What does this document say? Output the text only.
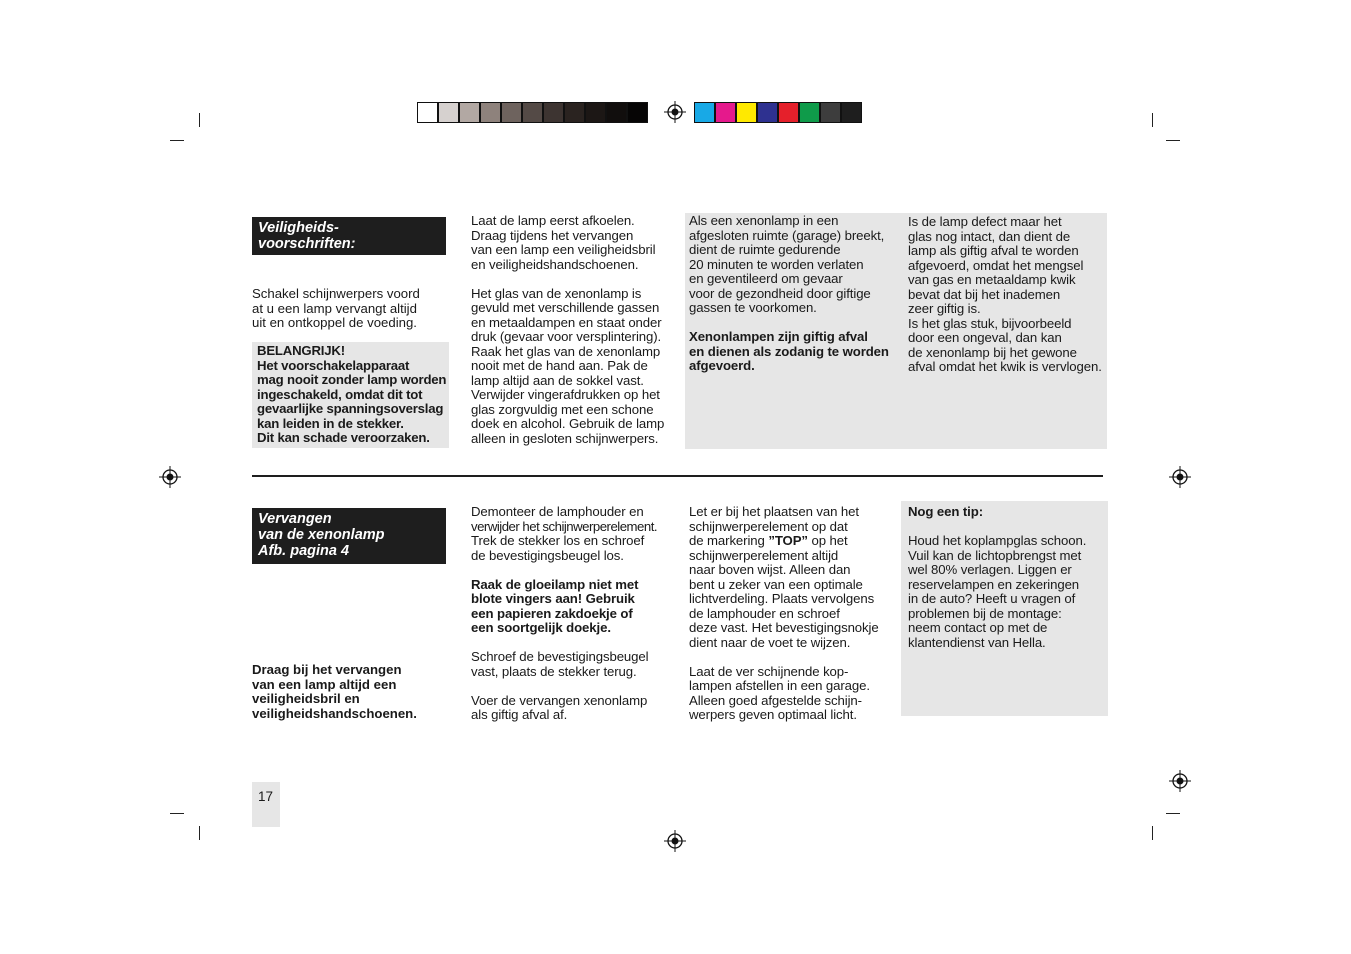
Veiligheids-
voorschriften:
Schakel schijnwerpers voord
at u een lamp vervangt altijd
uit en ontkoppel de voeding.
BELANGRIJK!
Het voorschakelapparaat
mag nooit zonder lamp worden
ingeschakeld, omdat dit tot
gevaarlijke spanningsoverslag
kan leiden in de stekker.
Dit kan schade veroorzaken.

Laat de lamp eerst afkoelen.
Draag tijdens het vervangen
van een lamp een veiligheidsbril
en veiligheidshandschoenen.

Het glas van de xenonlamp is
gevuld met verschillende gassen
en metaaldampen en staat onder
druk (gevaar voor versplintering).
Raak het glas van de xenonlamp
nooit met de hand aan. Pak de
lamp altijd aan de sokkel vast.
Verwijder vingerafdrukken op het
glas zorgvuldig met een schone
doek en alcohol. Gebruik de lamp
alleen in gesloten schijnwerpers.

Als een xenonlamp in een
afgesloten ruimte (garage) breekt,
dient de ruimte gedurende
20 minuten te worden verlaten
en geventileerd om gevaar
voor de gezondheid door giftige
gassen te voorkomen.

Xenonlampen zijn giftig afval
en dienen als zodanig te worden
afgevoerd.

Is de lamp defect maar het
glas nog intact, dan dient de
lamp als giftig afval te worden
afgevoerd, omdat het mengsel
van gas en metaaldamp kwik
bevat dat bij het inademen
zeer giftig is.
Is het glas stuk, bijvoorbeeld
door een ongeval, dan kan
de xenonlamp bij het gewone
afval omdat het kwik is vervlogen.
Vervangen
van de xenonlamp
Afb. pagina 4
Draag bij het vervangen
van een lamp altijd een
veiligheidsbril en
veiligheidshandschoenen.

Demonteer de lamphouder en
verwijder het schijnwerperelement.
Trek de stekker los en schroef
de bevestigingsbeugel los.

Raak de gloeilamp niet met
blote vingers aan! Gebruik
een papieren zakdoekje of
een soortgelijk doekje.

Schroef de bevestigingsbeugel
vast, plaats de stekker terug.

Voer de vervangen xenonlamp
als giftig afval af.

Let er bij het plaatsen van het
schijnwerperelement op dat
de markering ”TOP” op het
schijnwerperelement altijd
naar boven wijst. Alleen dan
bent u zeker van een optimale
lichtverdeling. Plaats vervolgens
de lamphouder en schroef
deze vast. Het bevestigingsnokje
dient naar de voet te wijzen.

Laat de ver schijnende kop-
lampen afstellen in een garage.
Alleen goed afgestelde schijn-
werpers geven optimaal licht.

Nog een tip:

Houd het koplampglas schoon.
Vuil kan de lichtopbrengst met
wel 80% verlagen. Liggen er
reservelampen en zekeringen
in de auto? Heeft u vragen of
problemen bij de montage:
neem contact op met de
klantendienst van Hella.

17
